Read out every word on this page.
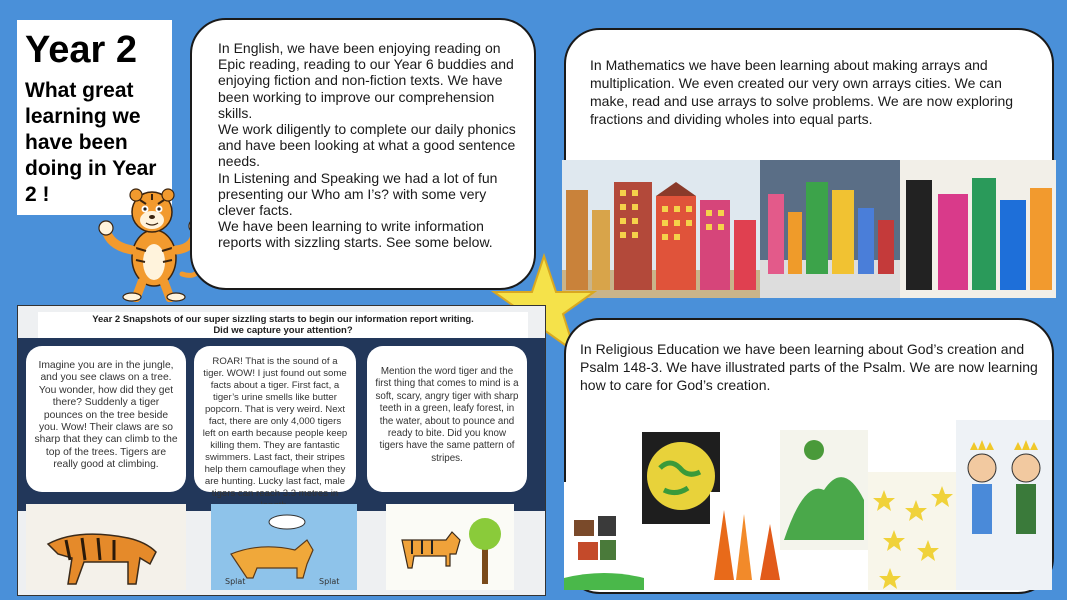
Year 2
What great learning we have been doing in Year 2 !

In English, we have been enjoying reading on Epic reading, reading to our Year 6 buddies and enjoying fiction and non-fiction texts. We have been working to improve our comprehension skills.
We work diligently to complete our daily phonics and have been looking at what a good sentence needs.
In Listening and Speaking we had a lot of fun presenting our Who am I’s? with some very clever facts.
We have been learning to write information reports with sizzling starts. See some below.

In Mathematics we have been learning about making arrays and multiplication. We even created our very own arrays cities. We can make, read and use arrays to solve problems. We are now exploring fractions and dividing wholes into equal parts.

In Religious Education we have been learning about God’s creation and Psalm 148-3. We have illustrated parts of the Psalm. We are now learning how to care for God’s creation.

Year 2 Snapshots of our super sizzling starts to begin our information report writing.
Did we capture your attention?

Imagine you are in the jungle, and you see claws on a tree. You wonder, how did they get there? Suddenly a tiger pounces on the tree beside you. Wow! Their claws are so sharp that they can climb to the top of the trees. Tigers are really good at climbing.

ROAR! That is the sound of a tiger. WOW! I just found out some facts about a tiger. First fact, a tiger’s urine smells like butter popcorn. That is very weird. Next fact, there are only 4,000 tigers left on earth because people keep killing them. They are fantastic swimmers. Last fact, their stripes help them camouflage when they are hunting. Lucky last fact, male tigers can reach 3.3 metres in

Mention the word tiger and the first thing that comes to mind is a soft, scary, angry tiger with sharp teeth in a green, leafy forest, in the water, about to pounce and ready to bite. Did you know tigers have the same pattern of stripes.

Splat	Splat
